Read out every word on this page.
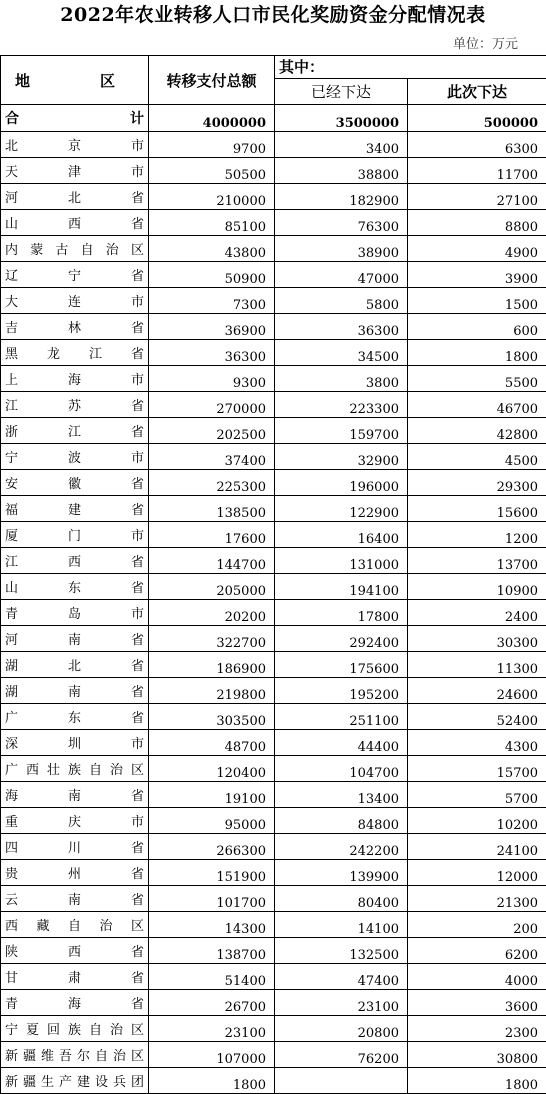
2022年农业转移人口市民化奖励资金分配情况表
单位：万元
地 区	转移支付总额	其中：	
		已经下达	此次下达
合计	4000000	3500000	500000
北京市	9700	3400	6300
天津市	50500	38800	11700
河北省	210000	182900	27100
山西省	85100	76300	8800
内蒙古自治区	43800	38900	4900
辽宁省	50900	47000	3900
大连市	7300	5800	1500
吉林省	36900	36300	600
黑龙江省	36300	34500	1800
上海市	9300	3800	5500
江苏省	270000	223300	46700
浙江省	202500	159700	42800
宁波市	37400	32900	4500
安徽省	225300	196000	29300
福建省	138500	122900	15600
厦门市	17600	16400	1200
江西省	144700	131000	13700
山东省	205000	194100	10900
青岛市	20200	17800	2400
河南省	322700	292400	30300
湖北省	186900	175600	11300
湖南省	219800	195200	24600
广东省	303500	251100	52400
深圳市	48700	44400	4300
广西壮族自治区	120400	104700	15700
海南省	19100	13400	5700
重庆市	95000	84800	10200
四川省	266300	242200	24100
贵州省	151900	139900	12000
云南省	101700	80400	21300
西藏自治区	14300	14100	200
陕西省	138700	132500	6200
甘肃省	51400	47400	4000
青海省	26700	23100	3600
宁夏回族自治区	23100	20800	2300
新疆维吾尔自治区	107000	76200	30800
新疆生产建设兵团	1800		1800
